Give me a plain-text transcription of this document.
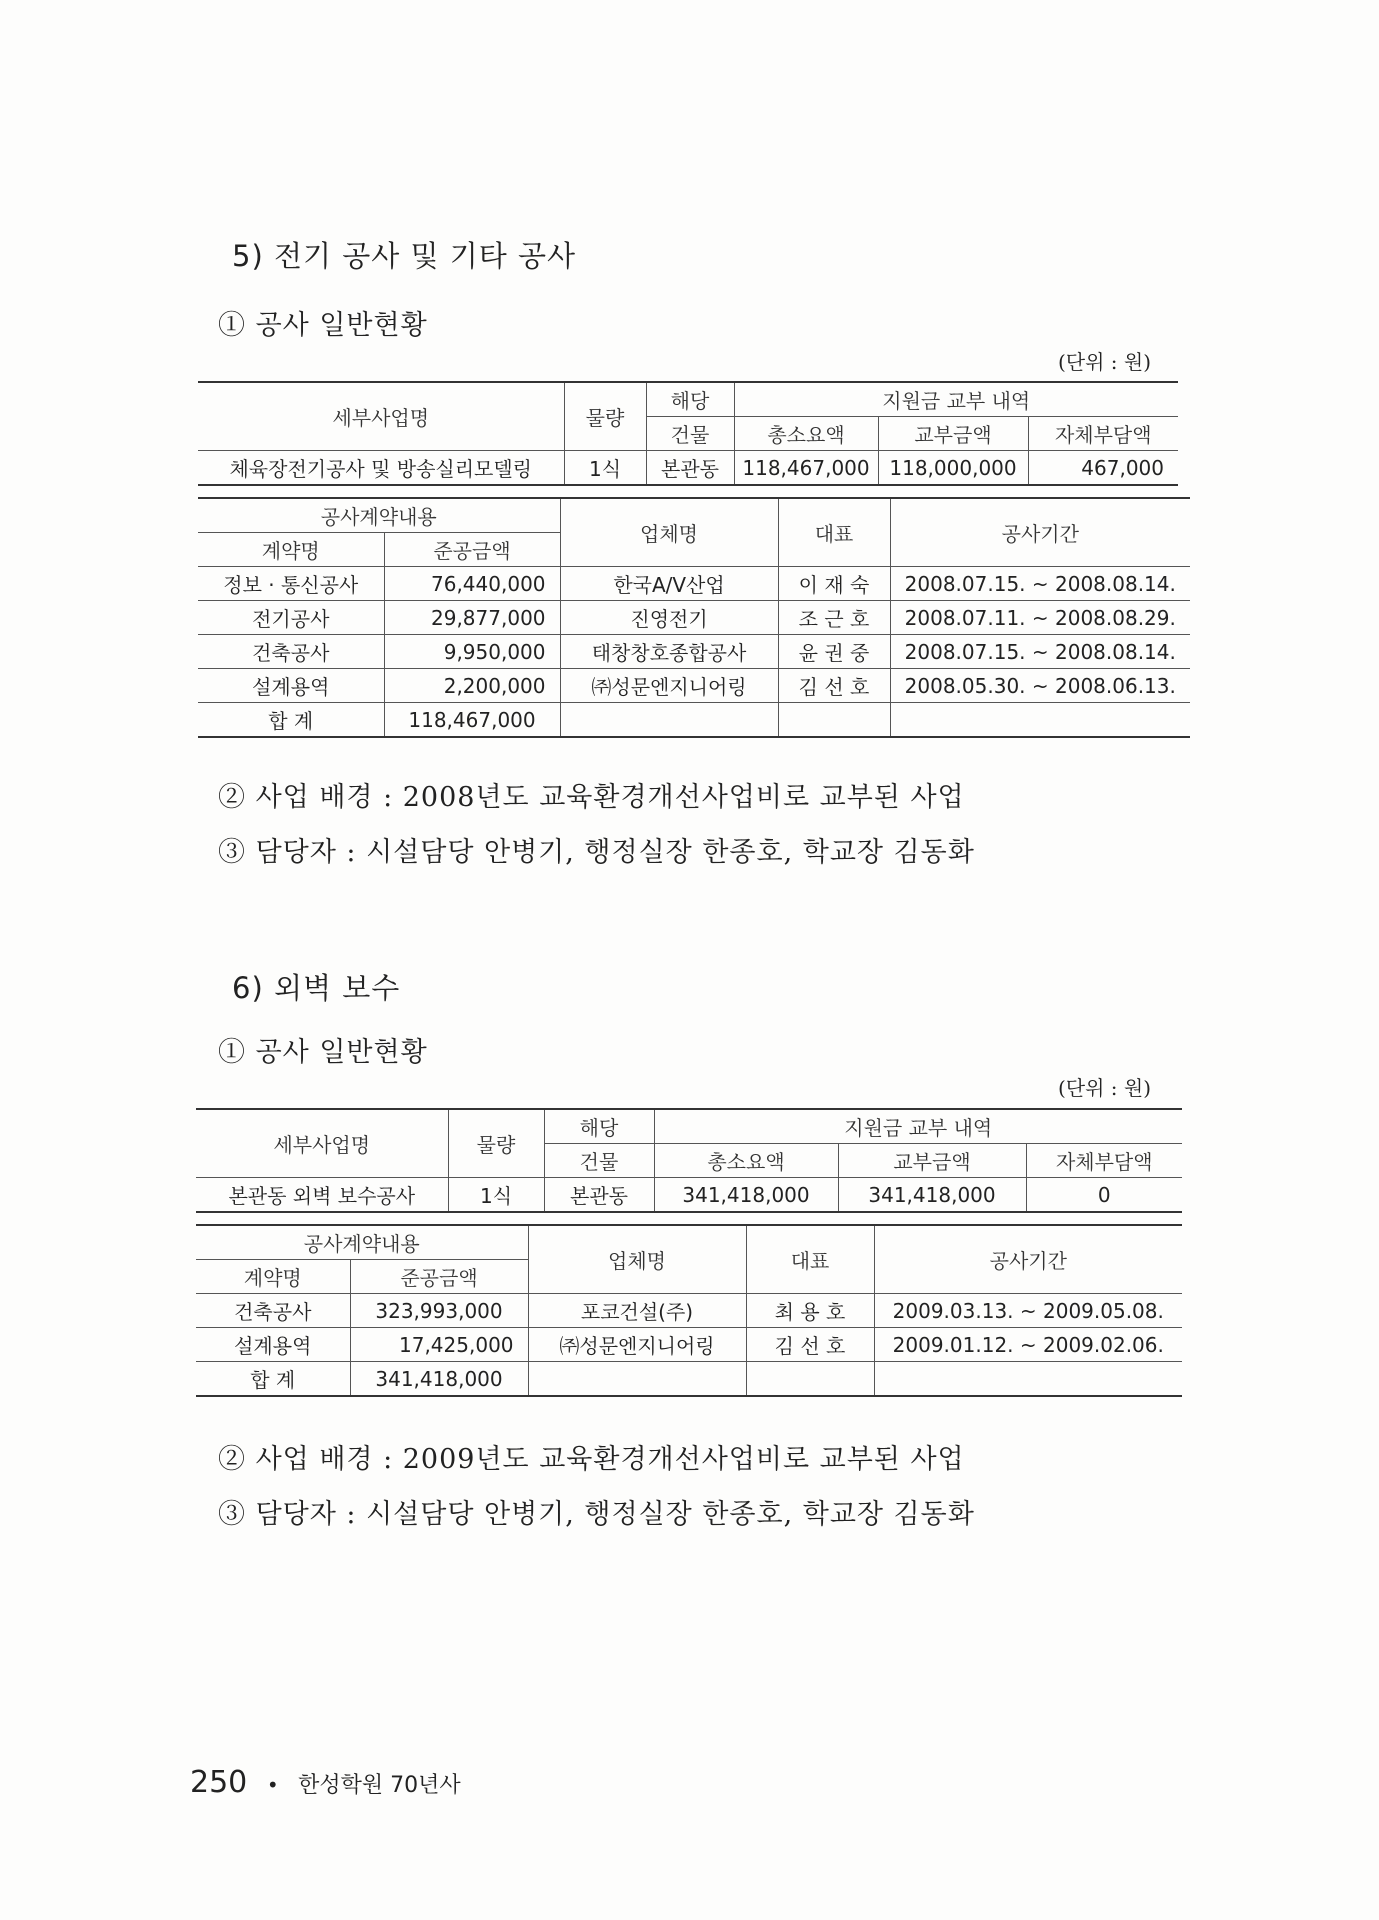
5) 전기 공사 및 기타 공사
① 공사 일반현황
(단위 : 원)
세부사업명	물량	해당	지원금 교부 내역		
		건물	총소요액	교부금액	자체부담액
체육장전기공사 및 방송실리모델링	1식	본관동	118,467,000	118,000,000	467,000
공사계약내용		업체명	대표	공사기간
계약명	준공금액			
정보 · 통신공사	76,440,000	한국A/V산업	이 재 숙	2008.07.15. ~ 2008.08.14.
전기공사	29,877,000	진영전기	조 근 호	2008.07.11. ~ 2008.08.29.
건축공사	9,950,000	태창창호종합공사	윤 권 중	2008.07.15. ~ 2008.08.14.
설계용역	2,200,000	㈜성문엔지니어링	김 선 호	2008.05.30. ~ 2008.06.13.
합 계	118,467,000			
② 사업 배경 : 2008년도 교육환경개선사업비로 교부된 사업
③ 담당자 : 시설담당 안병기, 행정실장 한종호, 학교장 김동화
6) 외벽 보수
① 공사 일반현황
(단위 : 원)
세부사업명	물량	해당	지원금 교부 내역		
		건물	총소요액	교부금액	자체부담액
본관동 외벽 보수공사	1식	본관동	341,418,000	341,418,000	0
공사계약내용		업체명	대표	공사기간
계약명	준공금액			
건축공사	323,993,000	포코건설(주)	최 용 호	2009.03.13. ~ 2009.05.08.
설계용역	17,425,000	㈜성문엔지니어링	김 선 호	2009.01.12. ~ 2009.02.06.
합 계	341,418,000			
② 사업 배경 : 2009년도 교육환경개선사업비로 교부된 사업
③ 담당자 : 시설담당 안병기, 행정실장 한종호, 학교장 김동화
250 • 한성학원 70년사
